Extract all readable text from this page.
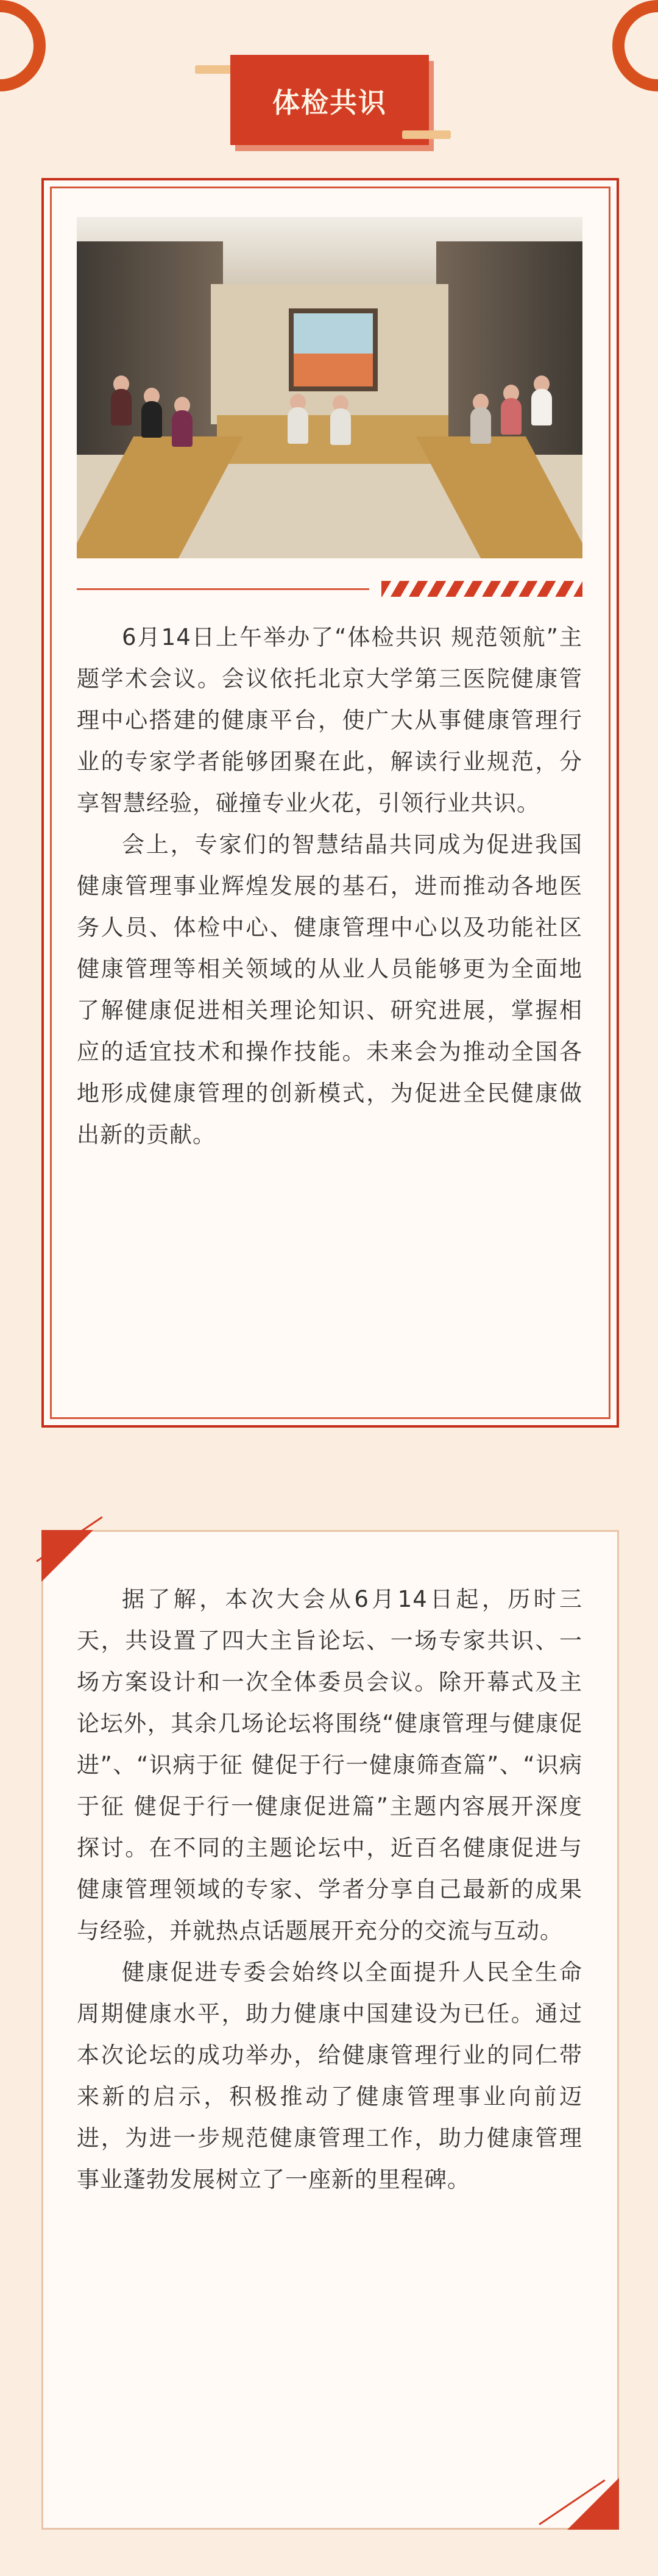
体检共识

6月14日上午举办了“体检共识 规范领航”主题学术会议。会议依托北京大学第三医院健康管理中心搭建的健康平台，使广大从事健康管理行业的专家学者能够团聚在此，解读行业规范，分享智慧经验，碰撞专业火花，引领行业共识。

会上，专家们的智慧结晶共同成为促进我国健康管理事业辉煌发展的基石，进而推动各地医务人员、体检中心、健康管理中心以及功能社区健康管理等相关领域的从业人员能够更为全面地了解健康促进相关理论知识、研究进展，掌握相应的适宜技术和操作技能。未来会为推动全国各地形成健康管理的创新模式，为促进全民健康做出新的贡献。

据了解，本次大会从6月14日起，历时三天，共设置了四大主旨论坛、一场专家共识、一场方案设计和一次全体委员会议。除开幕式及主论坛外，其余几场论坛将围绕“健康管理与健康促进”、“识病于征 健促于行一健康筛查篇”、“识病于征 健促于行一健康促进篇”主题内容展开深度探讨。在不同的主题论坛中，近百名健康促进与健康管理领域的专家、学者分享自己最新的成果与经验，并就热点话题展开充分的交流与互动。

健康促进专委会始终以全面提升人民全生命周期健康水平，助力健康中国建设为已任。通过本次论坛的成功举办，给健康管理行业的同仁带来新的启示，积极推动了健康管理事业向前迈进，为进一步规范健康管理工作，助力健康管理事业蓬勃发展树立了一座新的里程碑。
